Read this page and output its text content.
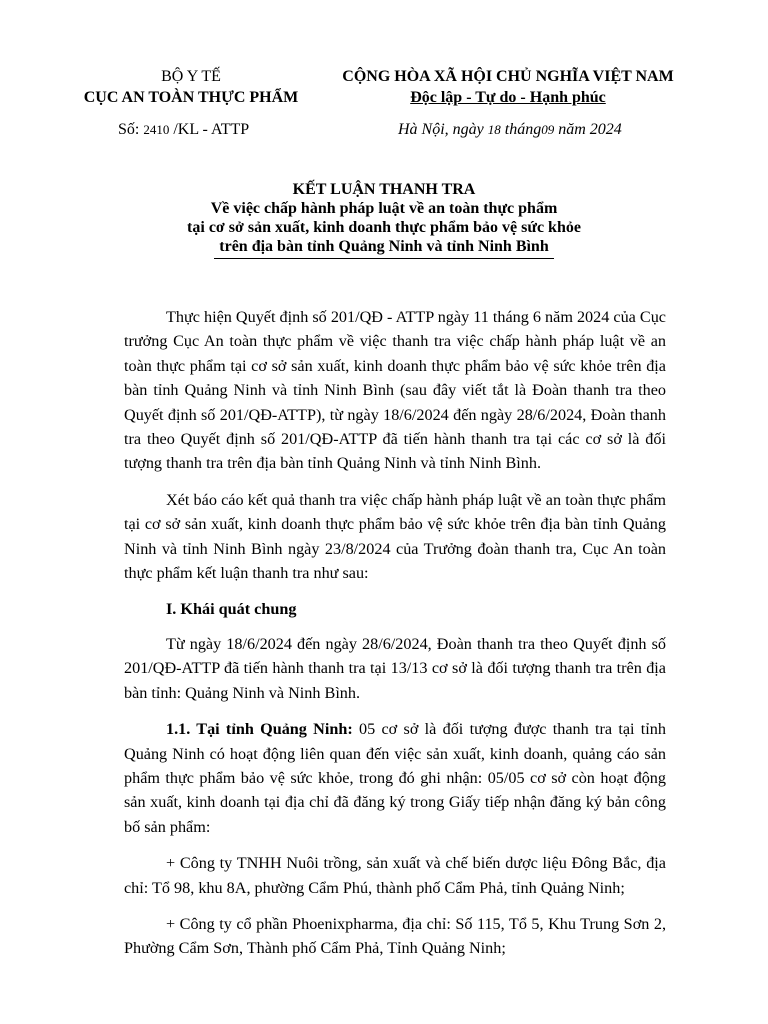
BỘ Y TẾ
CỤC AN TOÀN THỰC PHẨM
CỘNG HÒA XÃ HỘI CHỦ NGHĨA VIỆT NAM
Độc lập - Tự do - Hạnh phúc
Số: 2410 /KL - ATTP	Hà Nội, ngày 18 tháng09 năm 2024
KẾT LUẬN THANH TRA
Về việc chấp hành pháp luật về an toàn thực phẩm
tại cơ sở sản xuất, kinh doanh thực phẩm bảo vệ sức khỏe
trên địa bàn tỉnh Quảng Ninh và tỉnh Ninh Bình

Thực hiện Quyết định số 201/QĐ - ATTP ngày 11 tháng 6 năm 2024 của Cục trưởng Cục An toàn thực phẩm về việc thanh tra việc chấp hành pháp luật về an toàn thực phẩm tại cơ sở sản xuất, kinh doanh thực phẩm bảo vệ sức khỏe trên địa bàn tỉnh Quảng Ninh và tỉnh Ninh Bình (sau đây viết tắt là Đoàn thanh tra theo Quyết định số 201/QĐ-ATTP), từ ngày 18/6/2024 đến ngày 28/6/2024, Đoàn thanh tra theo Quyết định số 201/QĐ-ATTP đã tiến hành thanh tra tại các cơ sở là đối tượng thanh tra trên địa bàn tỉnh Quảng Ninh và tỉnh Ninh Bình.

Xét báo cáo kết quả thanh tra việc chấp hành pháp luật về an toàn thực phẩm tại cơ sở sản xuất, kinh doanh thực phẩm bảo vệ sức khỏe trên địa bàn tỉnh Quảng Ninh và tỉnh Ninh Bình ngày 23/8/2024 của Trưởng đoàn thanh tra, Cục An toàn thực phẩm kết luận thanh tra như sau:

I. Khái quát chung

Từ ngày 18/6/2024 đến ngày 28/6/2024, Đoàn thanh tra theo Quyết định số 201/QĐ-ATTP đã tiến hành thanh tra tại 13/13 cơ sở là đối tượng thanh tra trên địa bàn tỉnh: Quảng Ninh và Ninh Bình.

1.1. Tại tỉnh Quảng Ninh: 05 cơ sở là đối tượng được thanh tra tại tỉnh Quảng Ninh có hoạt động liên quan đến việc sản xuất, kinh doanh, quảng cáo sản phẩm thực phẩm bảo vệ sức khỏe, trong đó ghi nhận: 05/05 cơ sở còn hoạt động sản xuất, kinh doanh tại địa chỉ đã đăng ký trong Giấy tiếp nhận đăng ký bản công bố sản phẩm:

+ Công ty TNHH Nuôi trồng, sản xuất và chế biến dược liệu Đông Bắc, địa chỉ: Tổ 98, khu 8A, phường Cẩm Phú, thành phố Cẩm Phả, tỉnh Quảng Ninh;

+ Công ty cổ phần Phoenixpharma, địa chỉ: Số 115, Tổ 5, Khu Trung Sơn 2, Phường Cẩm Sơn, Thành phố Cẩm Phả, Tỉnh Quảng Ninh;
